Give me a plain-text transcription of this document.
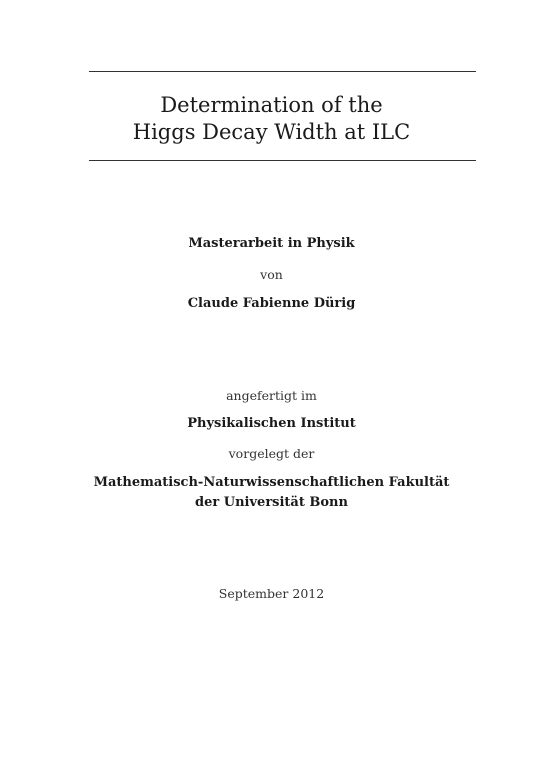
Determination of the
Higgs Decay Width at ILC

Masterarbeit in Physik

von

Claude Fabienne Dürig

angefertigt im

Physikalischen Institut

vorgelegt der

Mathematisch-Naturwissenschaftlichen Fakultät

der Universität Bonn

September 2012
